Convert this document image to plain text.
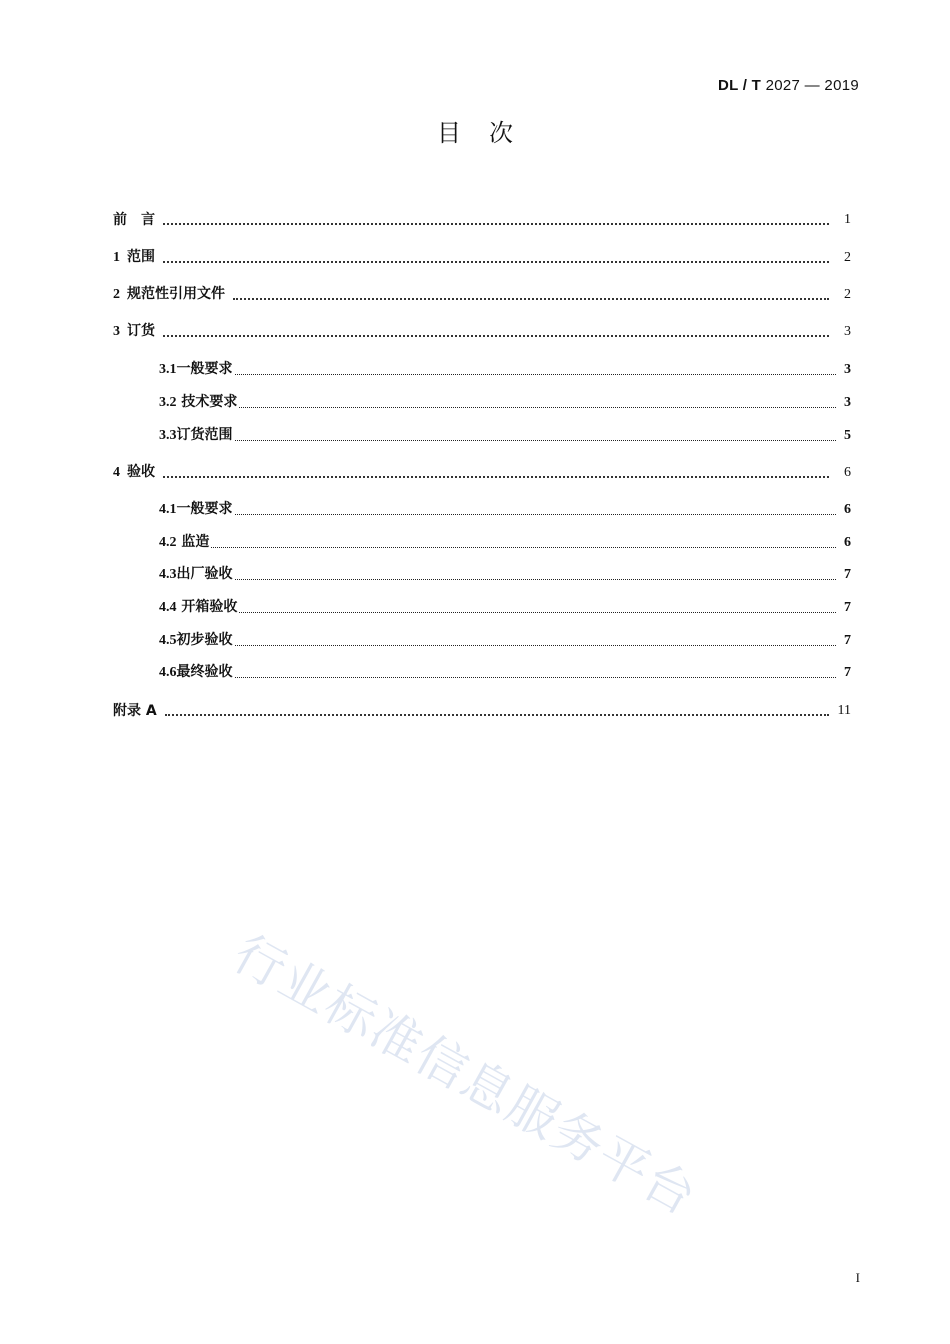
DL / T 2027 — 2019
目次
前　言	1
1  范围	2
2  规范性引用文件	2
3  订货	3
3.1一般要求	3
3.2 技术要求	3
3.3订货范围	5
4  验收	6
4.1一般要求	6
4.2 监造	6
4.3出厂验收	7
4.4 开箱验收	7
4.5初步验收	7
4.6最终验收	7
附录 A	11
行业标准信息服务平台
I
